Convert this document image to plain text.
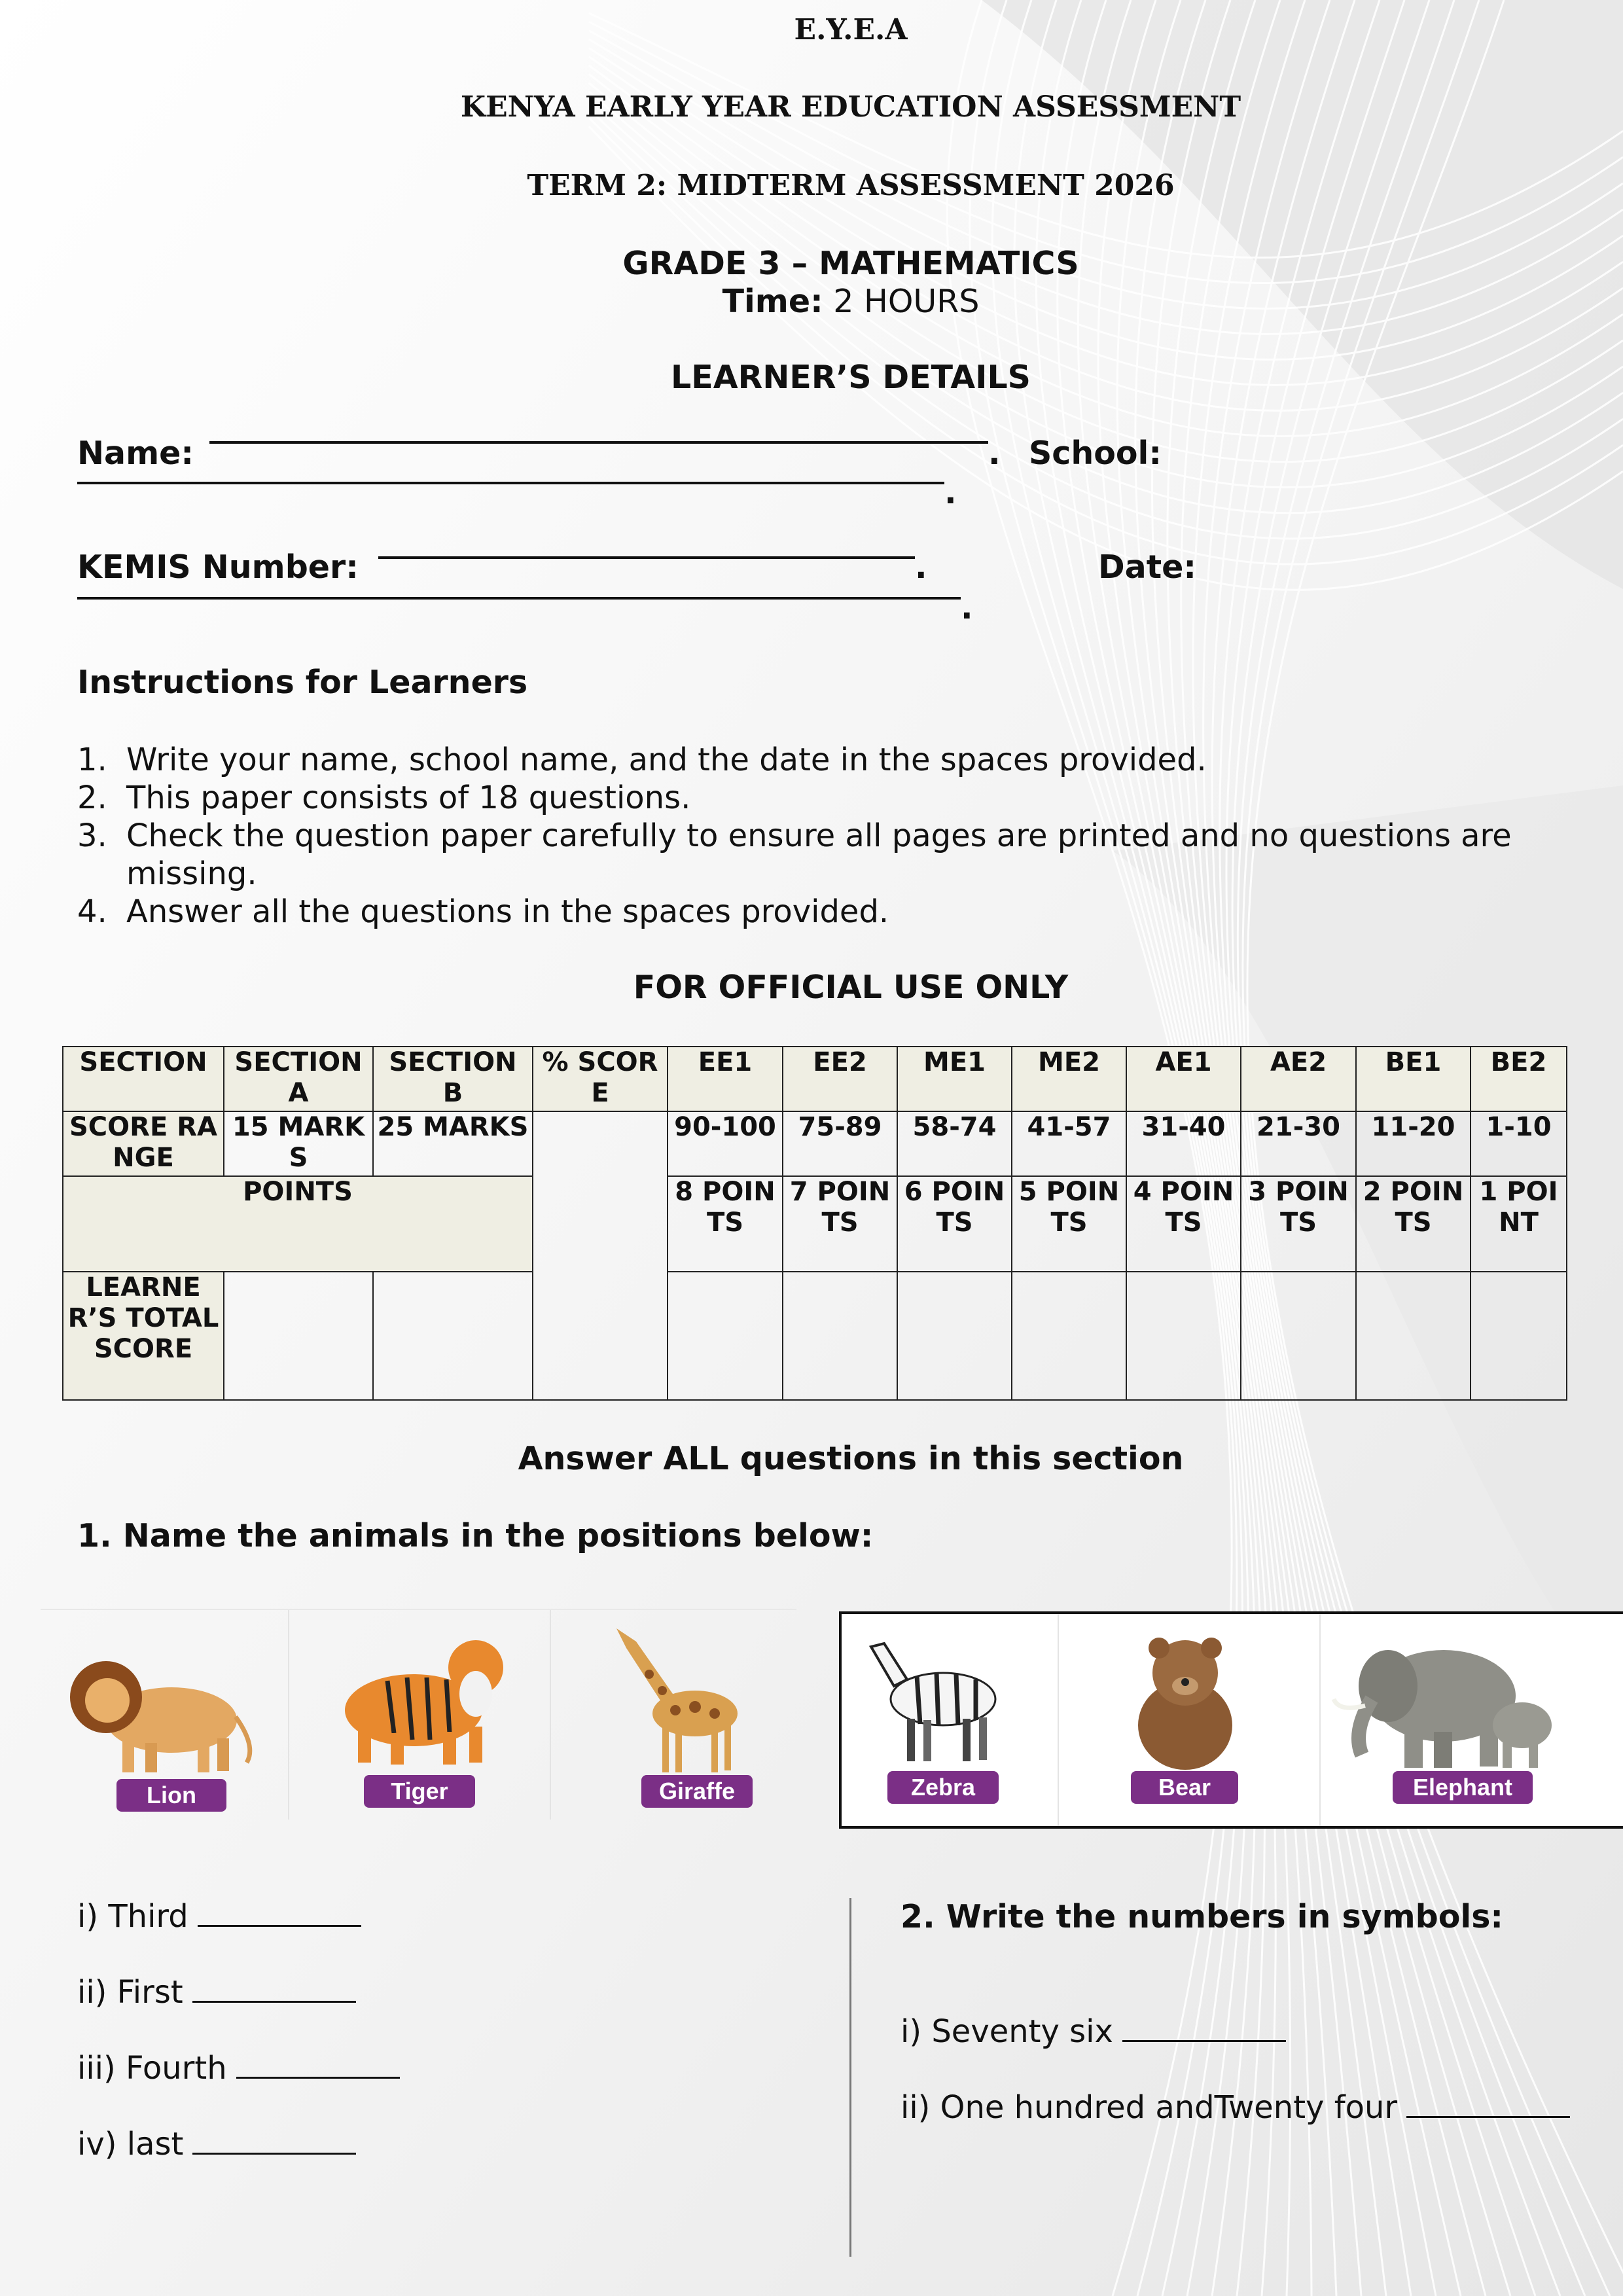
E.Y.E.A
KENYA EARLY YEAR EDUCATION ASSESSMENT
TERM 2: MIDTERM ASSESSMENT 2026
GRADE 3 – MATHEMATICS
Time: 2 HOURS
LEARNER’S DETAILS
Name:	. School:
.
KEMIS Number:	.	Date:
.
Instructions for Learners
1. Write your name, school name, and the date in the spaces provided.
2. This paper consists of 18 questions.
3. Check the question paper carefully to ensure all pages are printed and no questions are missing.
4. Answer all the questions in the spaces provided.
FOR OFFICIAL USE ONLY
SECTION	SECTION A	SECTION B	% SCORE	EE1	EE2	ME1	ME2	AE1	AE2	BE1	BE2
SCORE RANGE	15 MARKS	25 MARKS		90-100	75-89	58-74	41-57	31-40	21-30	11-20	1-10
POINTS				8 POINTS	7 POINTS	6 POINTS	5 POINTS	4 POINTS	3 POINTS	2 POINTS	1 POINT
LEARNER’S TOTAL SCORE											
Answer ALL questions in this section
1. Name the animals in the positions below:
Lion	Tiger	Giraffe	Zebra	Bear	Elephant
i) Third
ii) First
iii) Fourth
iv) last
2. Write the numbers in symbols:
i) Seventy six
ii) One hundred andTwenty four
